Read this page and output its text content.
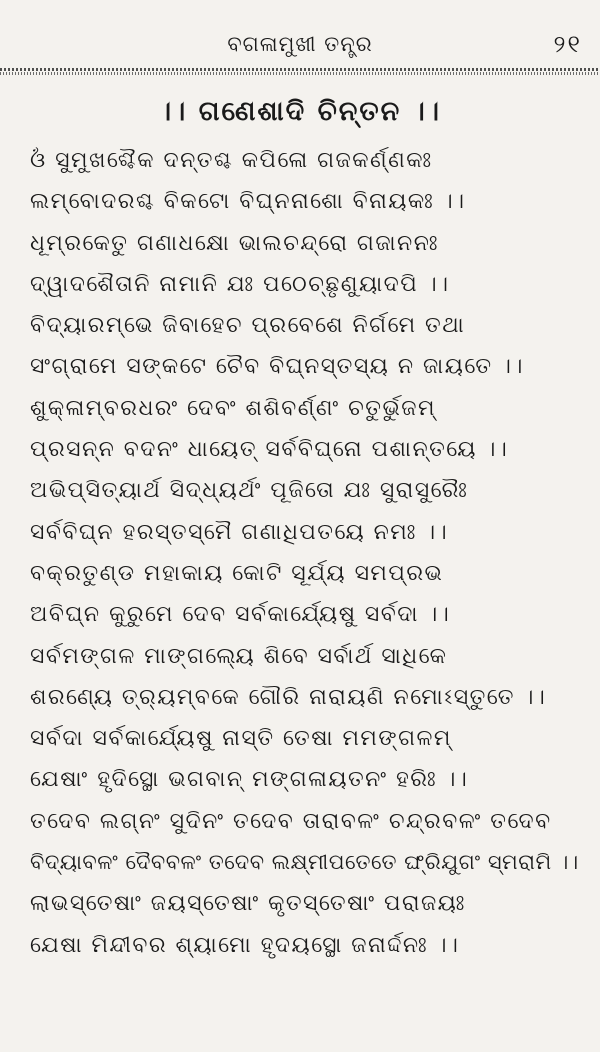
ବଗଳାମୁଖୀ ତନ୍ତ୍ର	୨୧
।। ଗଣେଶାଦି ଚିନ୍ତନ ।।
ଓଁ ସୁମୁଖଶ୍ଚୈକ ଦନ୍ତଶ୍ଚ କପିଳୋ ଗଜକର୍ଣ୍ଣକଃ
ଲମ୍ବୋଦରଶ୍ଚ ବିକଟୋ ବିଘ୍ନନାଶୋ ବିନାୟକଃ ।।
ଧୂମ୍ରକେତୁ ଗଣାଧକ୍ଷୋ ଭାଲଚନ୍ଦ୍ରୋ ଗଜାନନଃ
ଦ୍ୱାଦଶୈତାନି ନାମାନି ଯଃ ପଠେଚ୍ଛୃଣୁୟାଦପି ।।
ବିଦ୍ୟାରମ୍ଭେ ଜିବାହେଚ ପ୍ରବେଶେ ନିର୍ଗମେ ତଥା
ସଂଗ୍ରାମେ ସଙ୍କଟେ ଚୈବ ବିଘ୍ନସ୍ତସ୍ୟ ନ ଜାୟତେ ।।
ଶୁକ୍ଳାମ୍ବରଧରଂ ଦେବଂ ଶଶିବର୍ଣ୍ଣଂ ଚତୁର୍ଭୁଜମ୍
ପ୍ରସନ୍ନ ବଦନଂ ଧାୟେତ୍ ସର୍ବବିଘ୍ନୋ ପଶାନ୍ତୟେ ।।
ଅଭିପ୍ସିତ୍ୟାର୍ଥ ସିଦ୍ଧ୍ୟର୍ଥଂ ପୂଜିତୋ ଯଃ ସୁରାସୁରୈଃ
ସର୍ବବିଘ୍ନ ହରସ୍ତସ୍ମୈ ଗଣାଧିପତୟେ ନମଃ ।।
ବକ୍ରତୁଣ୍ଡ ମହାକାୟ କୋଟି ସୂର୍ଯ୍ୟ ସମପ୍ରଭ
ଅବିଘ୍ନ କୁରୁମେ ଦେବ ସର୍ବକାର୍ଯ୍ୟେଷୁ ସର୍ବଦା ।।
ସର୍ବମଙ୍ଗଳ ମାଙ୍ଗଲ୍ୟେ ଶିବେ ସର୍ବାର୍ଥ ସାଧିକେ
ଶରଣ୍ୟେ ତ୍ର୍ୟମ୍ବକେ ଗୌରି ନାରାୟଣି ନମୋଽସ୍ତୁତେ ।।
ସର୍ବଦା ସର୍ବକାର୍ଯ୍ୟେଷୁ ନାସ୍ତି ତେଷା ମମଙ୍ଗଳମ୍
ଯେଷାଂ ହୃଦିସ୍ଥୋ ଭଗବାନ୍ ମଙ୍ଗଳାୟତନଂ ହରିଃ ।।
ତଦେବ ଲଗ୍ନଂ ସୁଦିନଂ ତଦେବ ତାରାବଳଂ ଚନ୍ଦ୍ରବଳଂ ତଦେବ
ବିଦ୍ୟାବଳଂ ଦୈବବଳଂ ତଦେବ ଲକ୍ଷ୍ମୀପତେତେ ଙ୍ଘ୍ରିଯୁଗଂ ସ୍ମରାମି ।।
ଲାଭସ୍ତେଷାଂ ଜୟସ୍ତେଷାଂ କୃତସ୍ତେଷାଂ ପରାଜୟଃ
ଯେଷା ମିନ୍ଦୀବର ଶ୍ୟାମୋ ହୃଦୟସ୍ଥୋ ଜନାର୍ଦ୍ଦନଃ ।।
